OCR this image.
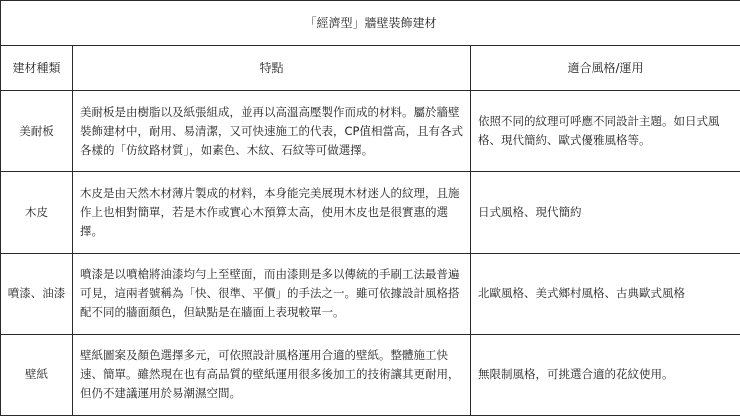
「經濟型」牆壁裝飾建材		
建材種類	特點	適合風格/運用
美耐板	美耐板是由樹脂以及紙張組成，並再以高溫高壓製作而成的材料。屬於牆壁裝飾建材中，耐用、易清潔，又可快速施工的代表，CP值相當高，且有各式各樣的「仿紋路材質」，如素色、木紋、石紋等可做選擇。	依照不同的紋理可呼應不同設計主題。如日式風格、現代簡約、歐式優雅風格等。
木皮	木皮是由天然木材薄片製成的材料，本身能完美展現木材迷人的紋理，且施作上也相對簡單，若是木作或實心木預算太高，使用木皮也是很實惠的選擇。	日式風格、現代簡約
噴漆、油漆	噴漆是以噴槍將油漆均勻上至壁面，而由漆則是多以傳統的手刷工法最普遍可見，這兩者號稱為「快、很準、平價」的手法之一。雖可依據設計風格搭配不同的牆面顏色，但缺點是在牆面上表現較單一。	北歐風格、美式鄉村風格、古典歐式風格
壁紙	壁紙圖案及顏色選擇多元，可依照設計風格運用合適的壁紙。整體施工快速、簡單。雖然現在也有高品質的壁紙運用很多後加工的技術讓其更耐用，但仍不建議運用於易潮濕空間。	無限制風格，可挑選合適的花紋使用。
